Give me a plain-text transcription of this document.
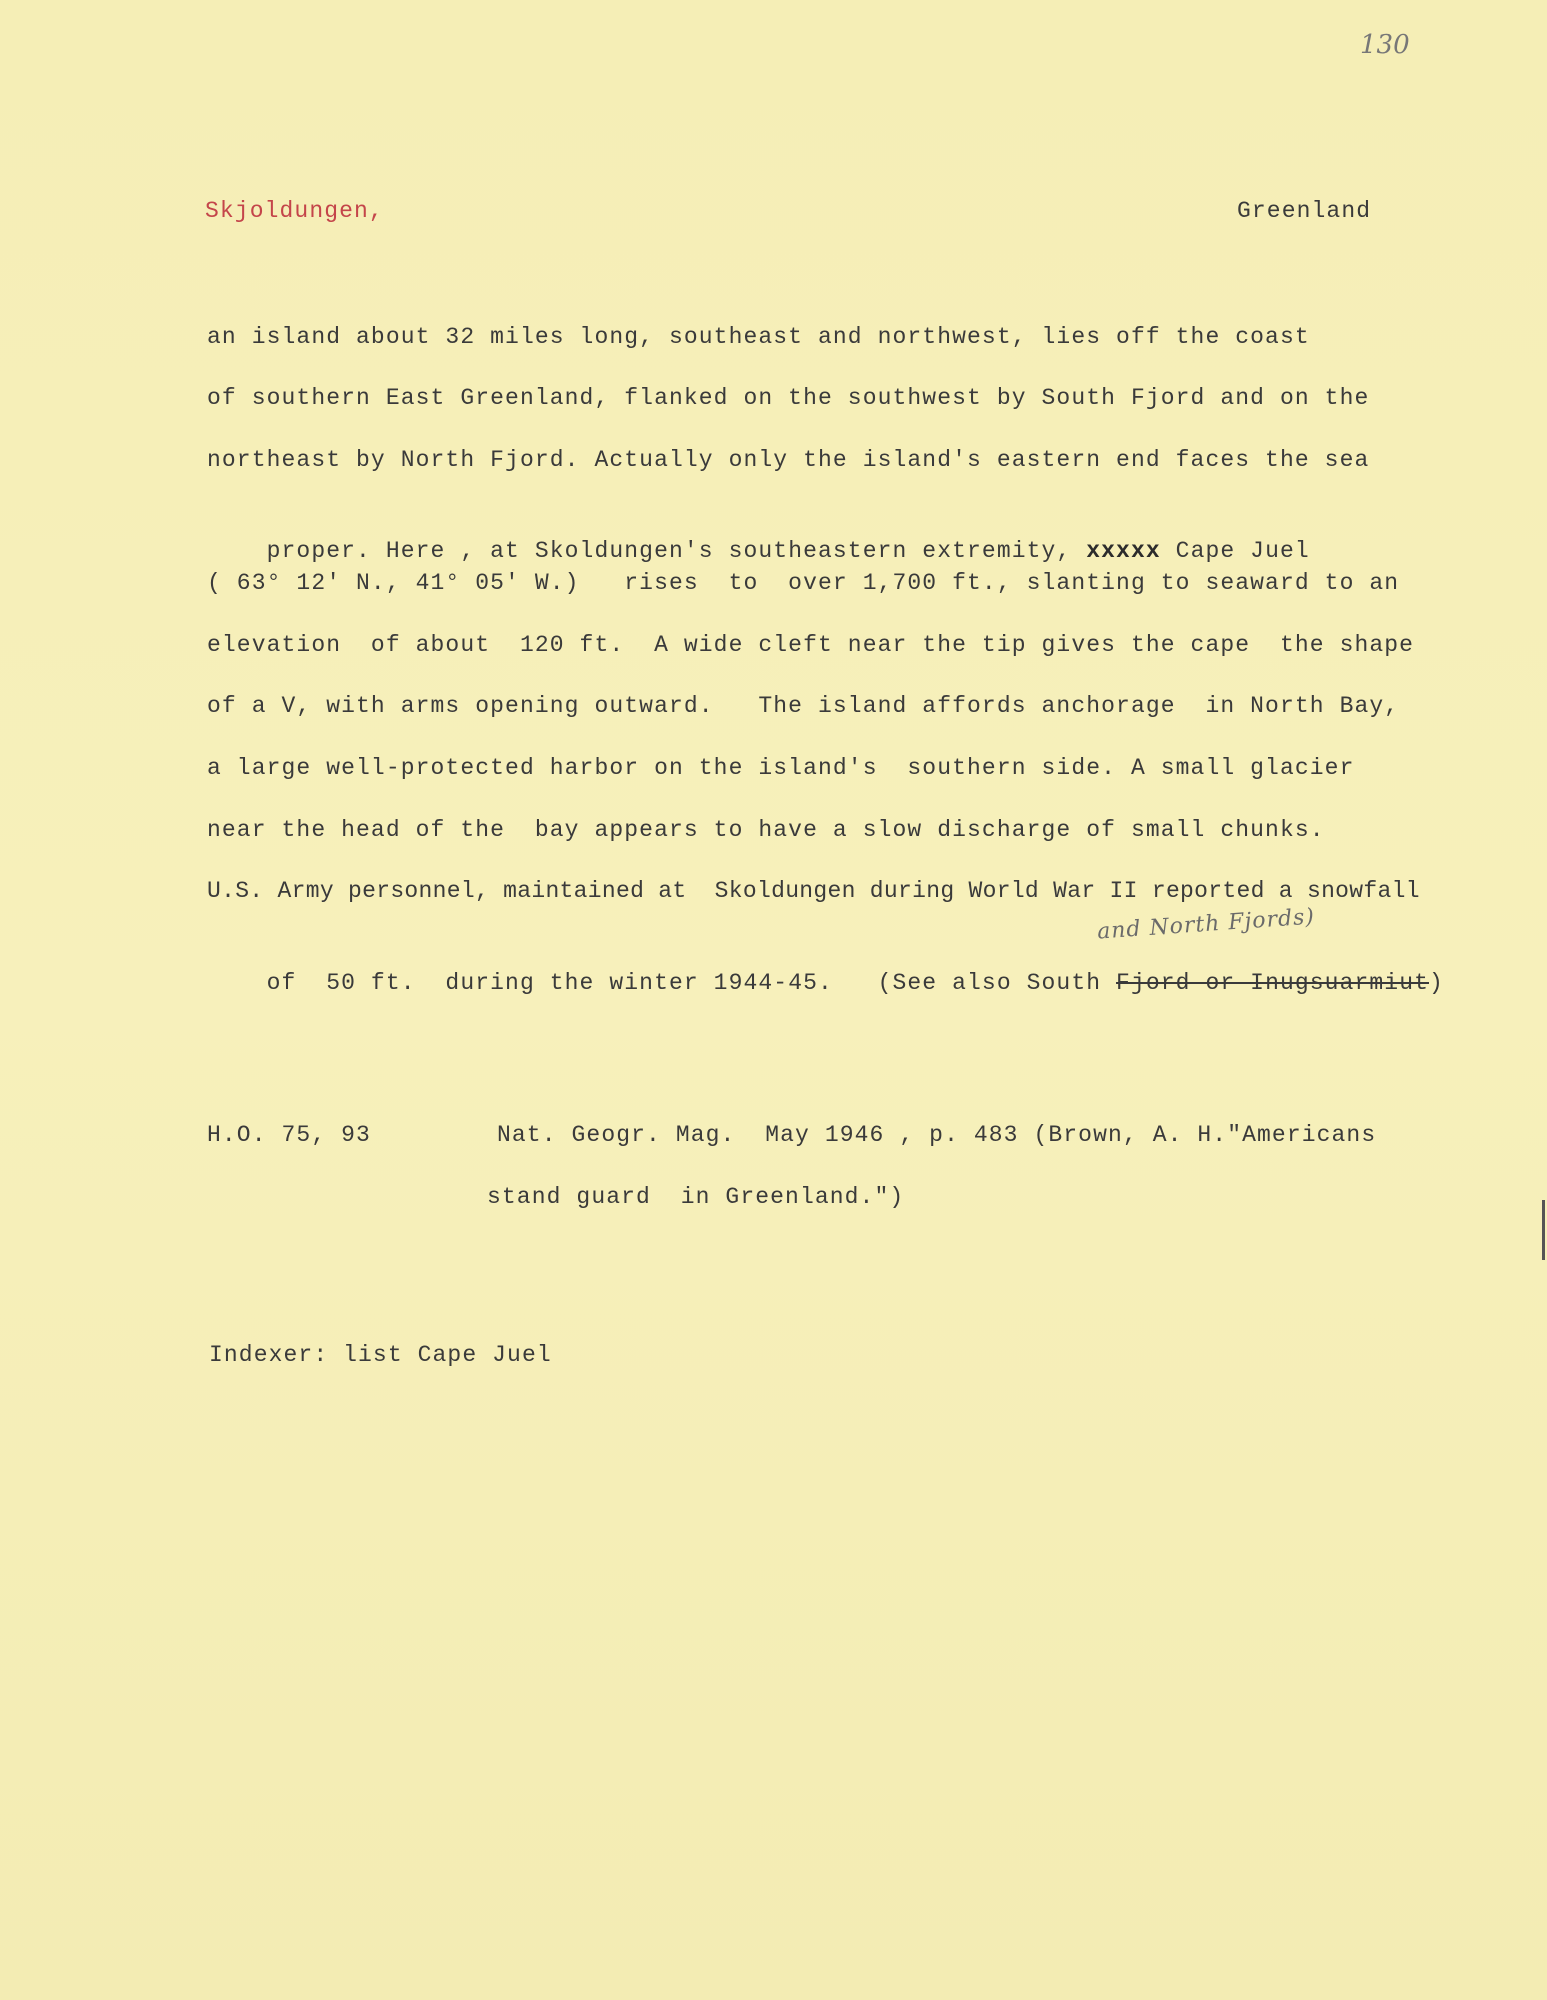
130
Skjoldungen,	Greenland
an island about 32 miles long, southeast and northwest, lies off the coast
of southern East Greenland, flanked on the southwest by South Fjord and on the
northeast by North Fjord. Actually only the island's eastern end faces the sea

proper. Here , at Skoldungen's southeastern extremity, xxxxx Cape Juel

( 63° 12' N., 41° 05' W.)   rises  to  over 1,700 ft., slanting to seaward to an
elevation  of about  120 ft.  A wide cleft near the tip gives the cape  the shape
of a V, with arms opening outward.   The island affords anchorage  in North Bay,
a large well-protected harbor on the island's  southern side. A small glacier
near the head of the  bay appears to have a slow discharge of small chunks.
U.S. Army personnel, maintained at  Skoldungen during World War II reported a snowfall
and North Fjords)

of  50 ft.  during the winter 1944-45.   (See also South Fjord or Inugsuarmiut)

H.O. 75, 93	Nat. Geogr. Mag.  May 1946 , p. 483 (Brown, A. H."Americans
stand guard  in Greenland.")
Indexer: list Cape Juel
